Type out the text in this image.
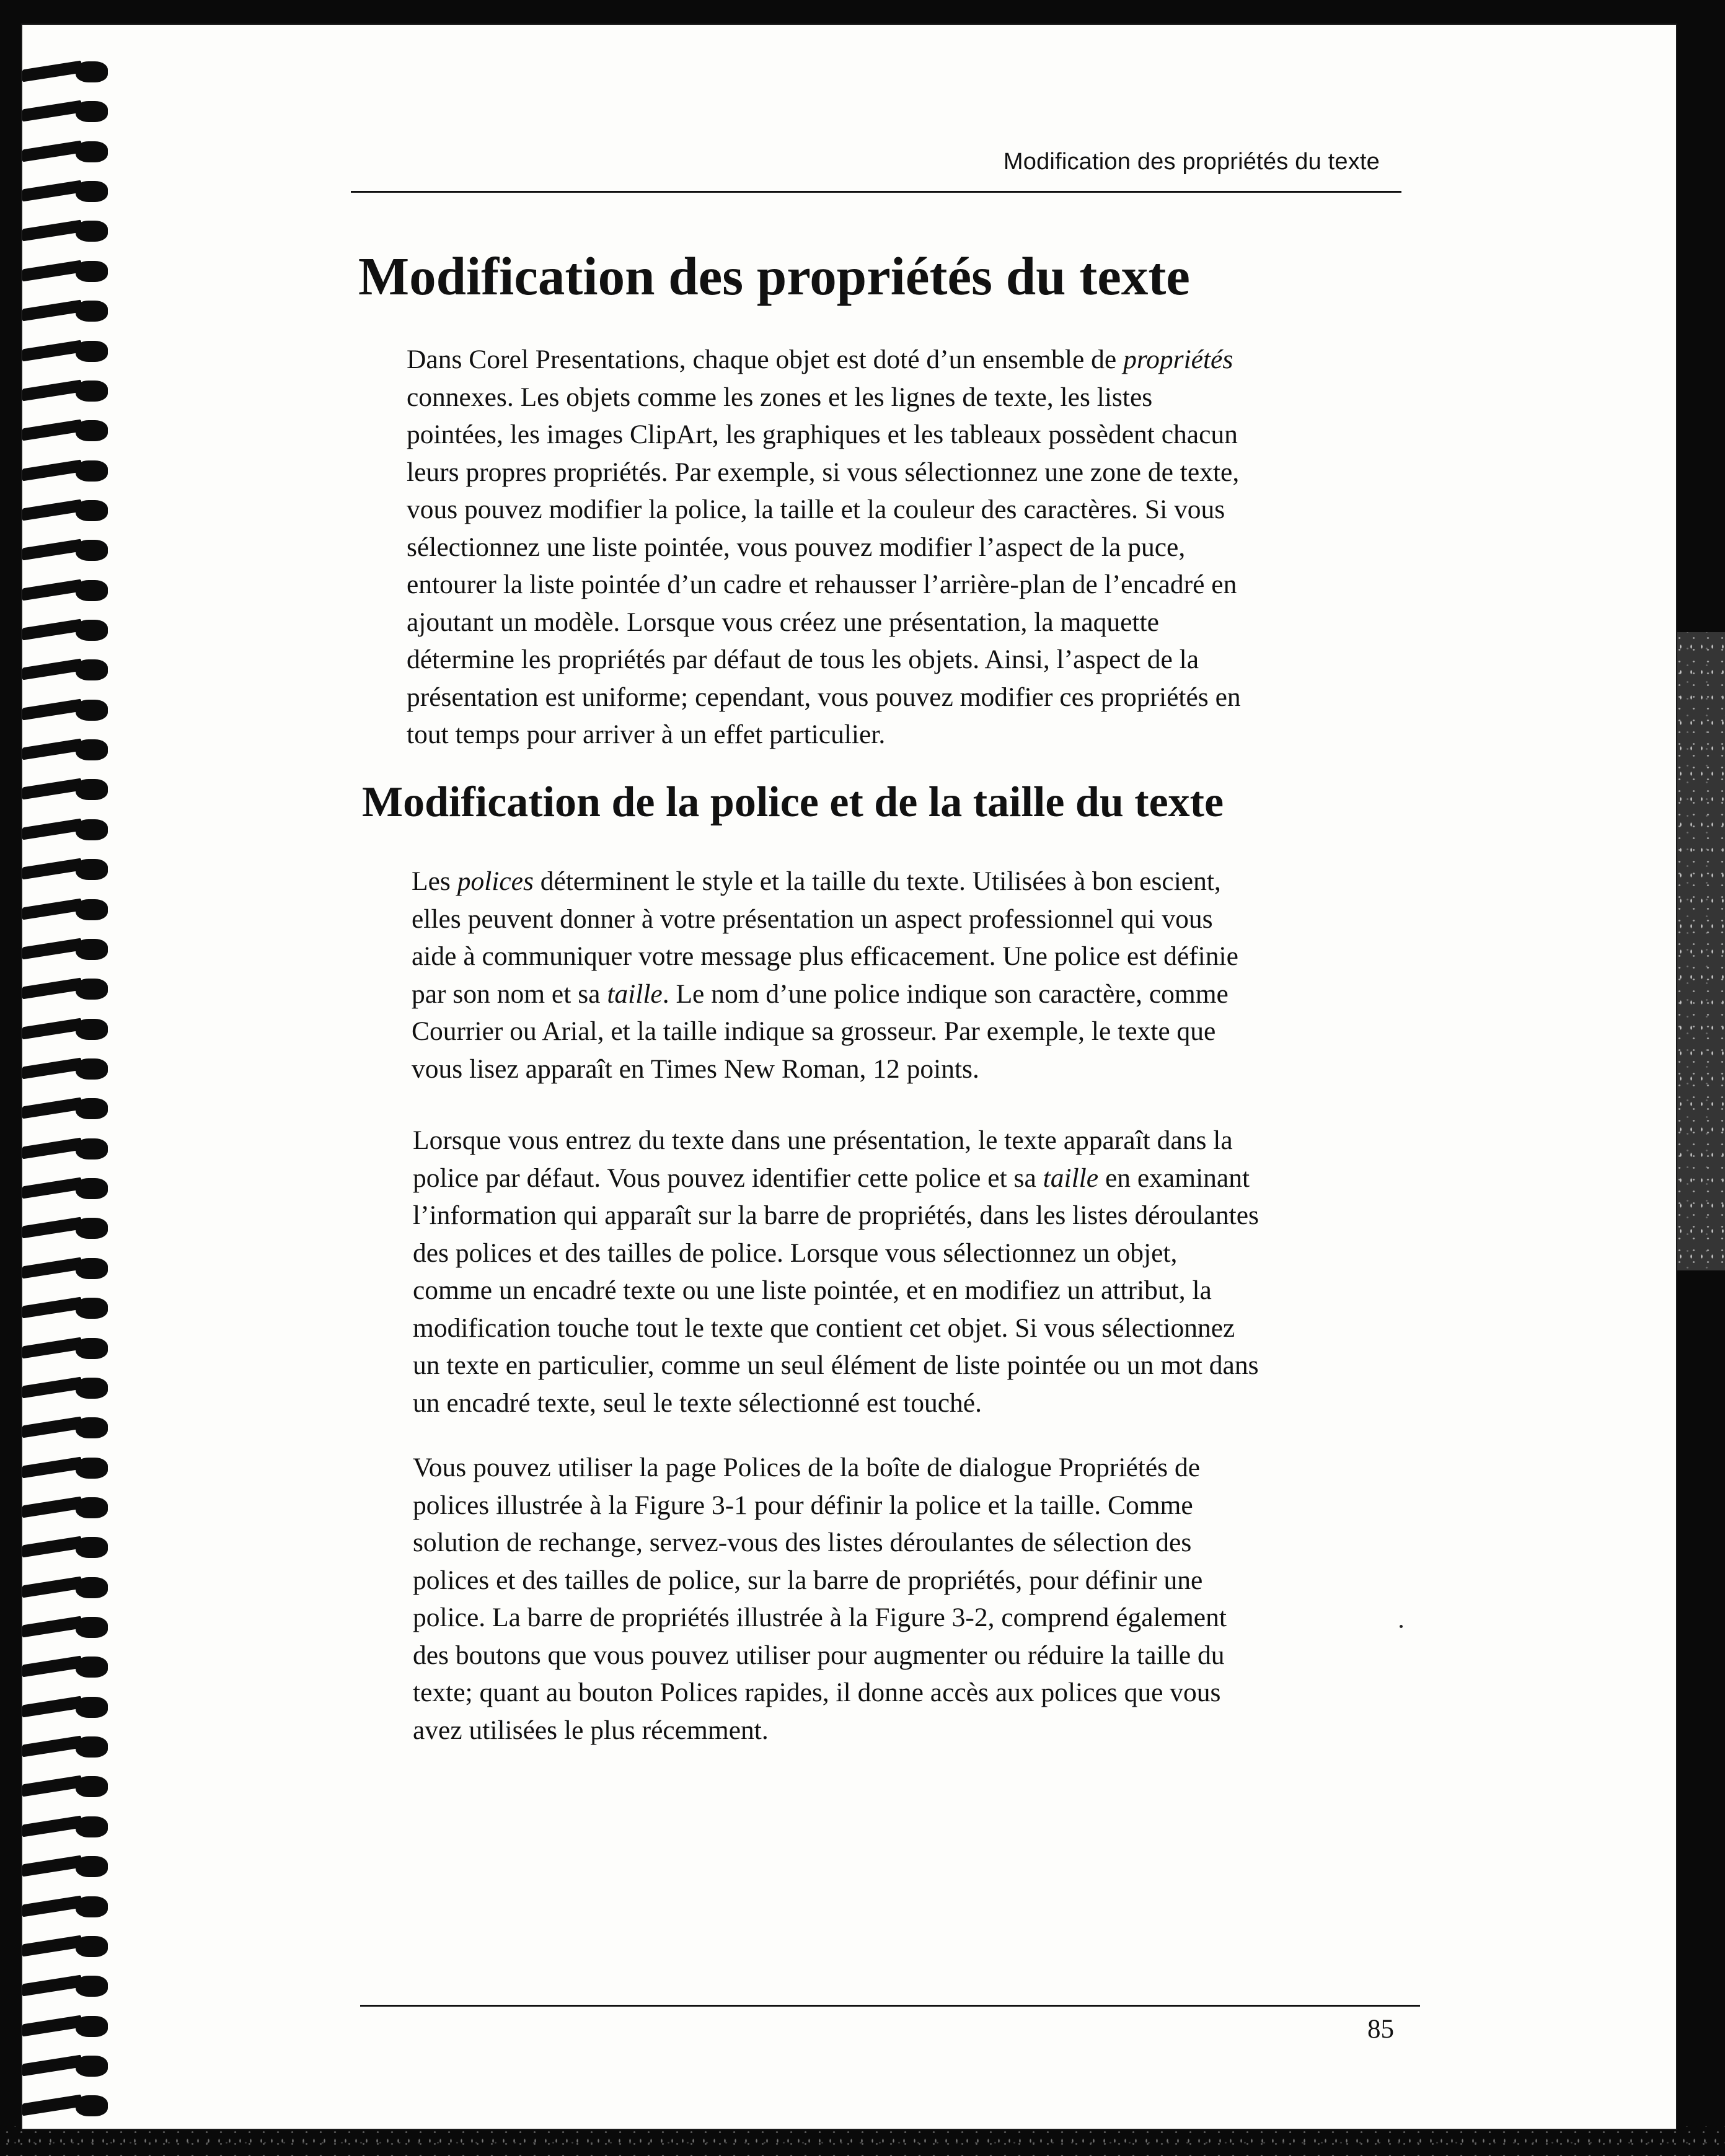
Modification des propriétés du texte
Modification des propriétés du texte
Dans Corel Presentations, chaque objet est doté d’un ensemble de propriétés
connexes. Les objets comme les zones et les lignes de texte, les listes
pointées, les images ClipArt, les graphiques et les tableaux possèdent chacun
leurs propres propriétés. Par exemple, si vous sélectionnez une zone de texte,
vous pouvez modifier la police, la taille et la couleur des caractères. Si vous
sélectionnez une liste pointée, vous pouvez modifier l’aspect de la puce,
entourer la liste pointée d’un cadre et rehausser l’arrière-plan de l’encadré en
ajoutant un modèle. Lorsque vous créez une présentation, la maquette
détermine les propriétés par défaut de tous les objets. Ainsi, l’aspect de la
présentation est uniforme; cependant, vous pouvez modifier ces propriétés en
tout temps pour arriver à un effet particulier.
Modification de la police et de la taille du texte
Les polices déterminent le style et la taille du texte. Utilisées à bon escient,
elles peuvent donner à votre présentation un aspect professionnel qui vous
aide à communiquer votre message plus efficacement. Une police est définie
par son nom et sa taille. Le nom d’une police indique son caractère, comme
Courrier ou Arial, et la taille indique sa grosseur. Par exemple, le texte que
vous lisez apparaît en Times New Roman, 12 points.
Lorsque vous entrez du texte dans une présentation, le texte apparaît dans la
police par défaut. Vous pouvez identifier cette police et sa taille en examinant
l’information qui apparaît sur la barre de propriétés, dans les listes déroulantes
des polices et des tailles de police. Lorsque vous sélectionnez un objet,
comme un encadré texte ou une liste pointée, et en modifiez un attribut, la
modification touche tout le texte que contient cet objet. Si vous sélectionnez
un texte en particulier, comme un seul élément de liste pointée ou un mot dans
un encadré texte, seul le texte sélectionné est touché.
Vous pouvez utiliser la page Polices de la boîte de dialogue Propriétés de
polices illustrée à la Figure 3-1 pour définir la police et la taille. Comme
solution de rechange, servez-vous des listes déroulantes de sélection des
polices et des tailles de police, sur la barre de propriétés, pour définir une
police. La barre de propriétés illustrée à la Figure 3-2, comprend également
des boutons que vous pouvez utiliser pour augmenter ou réduire la taille du
texte; quant au bouton Polices rapides, il donne accès aux polices que vous
avez utilisées le plus récemment.
85
